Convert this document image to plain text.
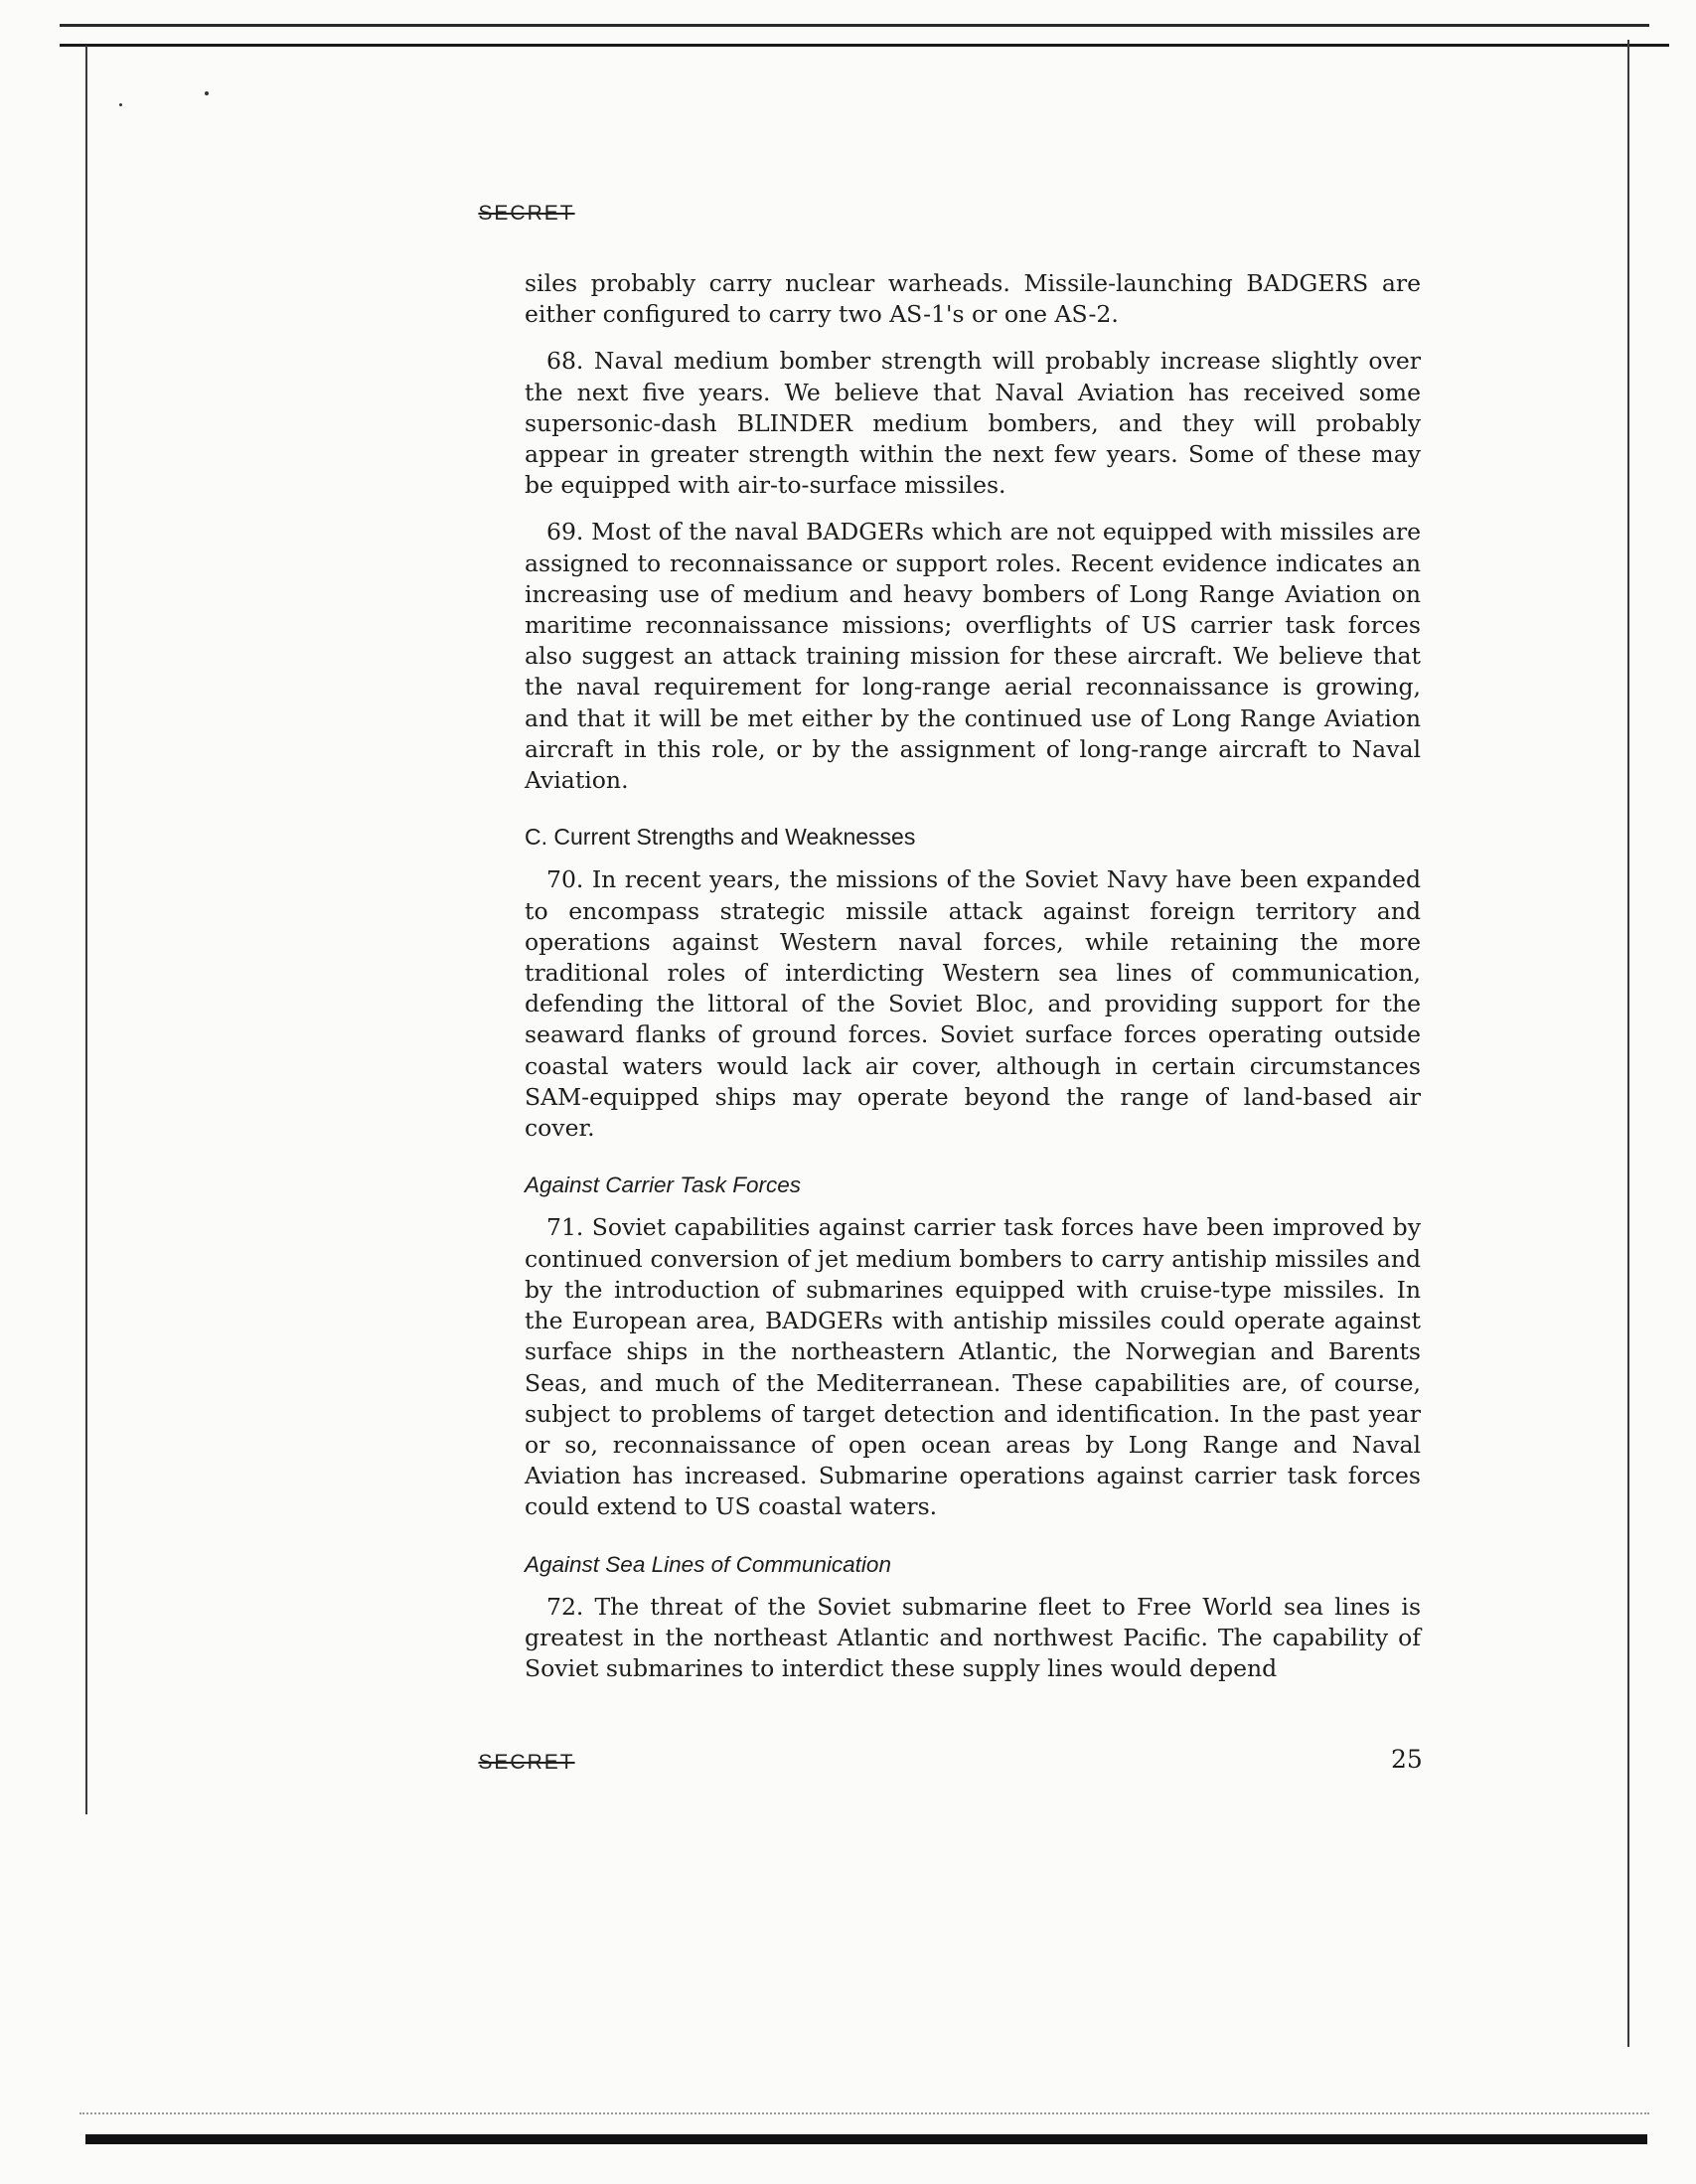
SECRET

siles probably carry nuclear warheads. Missile-launching BADGERS are either configured to carry two AS-1's or one AS-2.

68. Naval medium bomber strength will probably increase slightly over the next five years. We believe that Naval Aviation has received some supersonic-dash BLINDER medium bombers, and they will probably appear in greater strength within the next few years. Some of these may be equipped with air-to-surface missiles.

69. Most of the naval BADGERs which are not equipped with missiles are assigned to reconnaissance or support roles. Recent evidence indicates an increasing use of medium and heavy bombers of Long Range Aviation on maritime reconnaissance missions; overflights of US carrier task forces also suggest an attack training mission for these aircraft. We believe that the naval requirement for long-range aerial reconnaissance is growing, and that it will be met either by the continued use of Long Range Aviation aircraft in this role, or by the assignment of long-range aircraft to Naval Aviation.

C. Current Strengths and Weaknesses

70. In recent years, the missions of the Soviet Navy have been expanded to encompass strategic missile attack against foreign territory and operations against Western naval forces, while retaining the more traditional roles of interdicting Western sea lines of communication, defending the littoral of the Soviet Bloc, and providing support for the seaward flanks of ground forces. Soviet surface forces operating outside coastal waters would lack air cover, although in certain circumstances SAM-equipped ships may operate beyond the range of land-based air cover.

Against Carrier Task Forces

71. Soviet capabilities against carrier task forces have been improved by continued conversion of jet medium bombers to carry antiship missiles and by the introduction of submarines equipped with cruise-type missiles. In the European area, BADGERs with antiship missiles could operate against surface ships in the northeastern Atlantic, the Norwegian and Barents Seas, and much of the Mediterranean. These capabilities are, of course, subject to problems of target detection and identification. In the past year or so, reconnaissance of open ocean areas by Long Range and Naval Aviation has increased. Submarine operations against carrier task forces could extend to US coastal waters.

Against Sea Lines of Communication

72. The threat of the Soviet submarine fleet to Free World sea lines is greatest in the northeast Atlantic and northwest Pacific. The capability of Soviet submarines to interdict these supply lines would depend

SECRET	25
